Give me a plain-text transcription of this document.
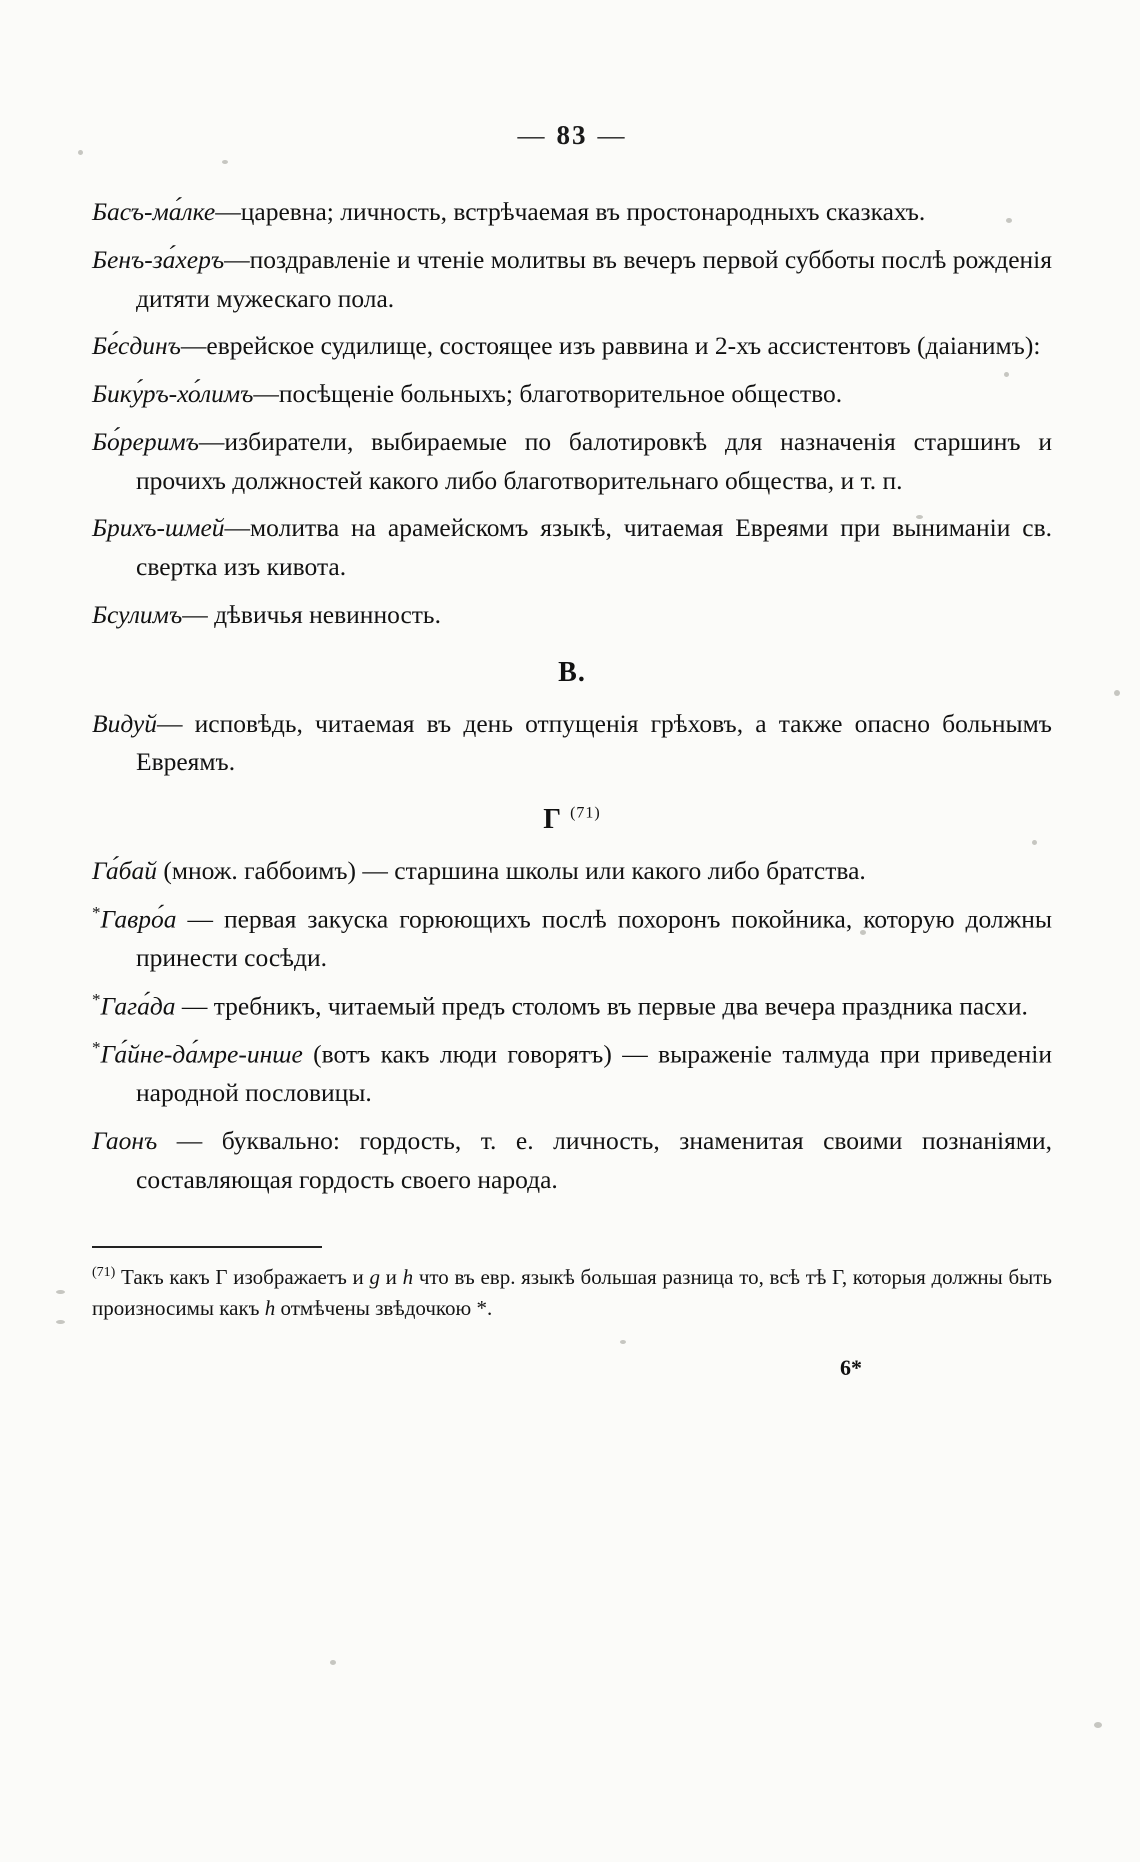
— 83 —
Басъ-ма́лке—царевна; личность, встрѣчаемая въ простонародныхъ сказкахъ.
Бенъ-за́херъ—поздравленіе и чтеніе молитвы въ вечеръ первой субботы послѣ рожденія дитяти мужескаго пола.
Бе́сдинъ—еврейское судилище, состоящее изъ раввина и 2-хъ ассистентовъ (даіанимъ):
Бику́ръ-хо́лимъ—посѣщеніе больныхъ; благотворительное общество.
Бо́реримъ—избиратели, выбираемые по балотировкѣ для назначенія старшинъ и прочихъ должностей какого либо благотворительнаго общества, и т. п.
Брихъ-шмей—молитва на арамейскомъ языкѣ, читаемая Евреями при выниманіи св. свертка изъ кивота.
Бсулимъ— дѣвичья невинность.
В.
Видуй— исповѣдь, читаемая въ день отпущенія грѣховъ, а также опасно больнымъ Евреямъ.
Г $^{(71)}$
Га́бай (множ. габбоимъ) — старшина школы или какого либо братства.
*Гавро́а — первая закуска горюющихъ послѣ похоронъ покойника, которую должны принести сосѣди.
*Гага́да — требникъ, читаемый предъ столомъ въ первые два вечера праздника пасхи.
*Га́йне-да́мре-инше (вотъ какъ люди говорятъ) — выраженіе талмуда при приведеніи народной пословицы.
Гаонъ — буквально: гордость, т. е. личность, знаменитая своими познаніями, составляющая гордость своего народа.
$^{(71)}$ Такъ какъ Г изображаетъ и g и h что въ евр. языкѣ большая разница то, всѣ тѣ Г, которыя должны быть произносимы какъ h отмѣчены звѣдочкою *.
6*
